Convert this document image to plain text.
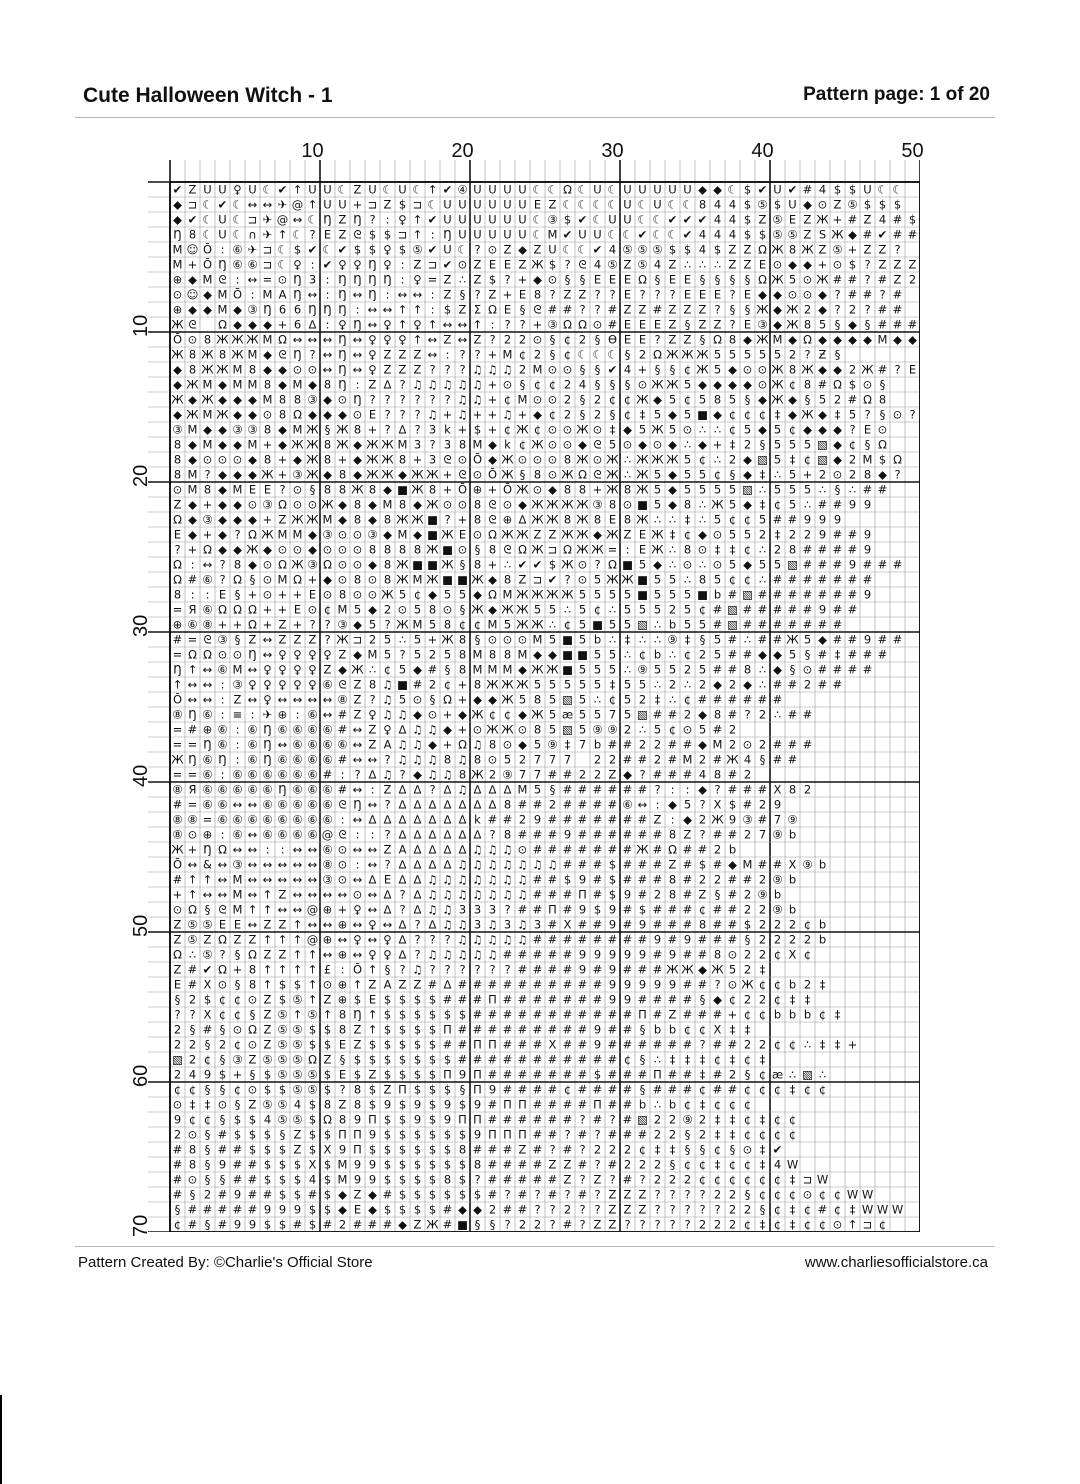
Cute Halloween Witch - 1	Pattern page: 1 of 20
10	20	30	40	50
10
20
30
40
50
60
70
✔ZUU♀U☾✔↑UU☾ZU☾U☾↑✔④UUUU☾☾Ω☾U☾UUUUU◆◆☾$✔U✔#4$$U☾☾
◆⊐☾✔☾↔↔✈@↑UU+⊐Z$⊐☾UUUUUUEZ☾☾☾☾U☾U☾☾844$⑤$U◆⊙Z⑤$$$
◆✔☾U☾⊐✈@↔☾ŊZŊ?:♀↑✔UUUUUU☾③$✔☾UU☾☾✔✔✔44$Z⑤EZЖ+#Z4#$
Ŋ8☾U☾∩✈↑☾?EZᘓ$$⊐↑:ŊUUUUU☾M✔UU☾☾✔☾☾✔444$$⑤⑤ZSЖ◆#✔##
M☺Ō:⑥✈⊐☾$✔☾✔$$♀$⑤✔U☾?⊙Z◆ZU☾☾✔4⑤⑤⑤$$4$ZZΩЖ8ЖZ⑤+ZZ?
M+ŌŊ⑥⑥⊐☾♀:✔♀♀Ŋ♀:Z⊐✔⊙ZEEZЖ$?ᘓ4⑤Z⑤4Z∴∴∴ZZE⊙◆◆+⊙$?ZZZ
⊕◆Mᘓ:↔=⊙Ŋ3:ŊŊŊŊ:♀=Z∴Z$?+◆⊙§§EEEΩ§EE§§§§ΩЖ5⊙Ж##?#Z2
⊙☺◆MŌ:MAŊ↔:Ŋ↔Ŋ:↔↔:Z§?Z+E8?ZZ??E???EEE?E◆◆⊙⊙◆?##?#
⊕◆◆M◆③Ŋ66ŊŊŊ:↔↔↑↑:$ZΣΩE§ᘓ##??#ZZ#ZZZ?§§Ж◆Ж2◆?2?##
Жᘓ Ω◆◆◆+6∆:♀Ŋ↔♀↑♀↑↔↔↑:??+③ΩΩ⊙#EEEZ§ZZ?E③◆Ж85§◆§###
Ō⊙8ЖЖЖMΩ↔↔↔Ŋ↔♀♀♀↑↔Z↔Z?22⊙§¢2§ӨEE?ZZ§Ω8◆ЖM◆Ω◆◆◆◆M◆◆
Ж8Ж8ЖM◆ᘓŊ?↔Ŋ↔♀ZZZ↔:??+M¢2§¢☾☾☾§2ΩЖЖЖ555552?Ƶ§
◆8ЖЖM8◆◆⊙⊙↔Ŋ↔♀ZZZ???♫♫♫2M⊙⊙§§✔4+§§¢Ж5◆⊙⊙Ж8Ж◆◆2Ж#?E
◆ЖM◆MM8◆M◆8Ŋ:Z∆?♫♫♫♫♫+⊙§¢¢24§§§⊙ЖЖ5◆◆◆◆⊙Ж¢8#Ω$⊙§
Ж◆Ж◆◆◆M88③◆⊙Ŋ??????♫♫+¢M⊙⊙2§2¢¢Ж◆5¢585§◆Ж◆§52#Ω8
◆ЖMЖ◆◆⊙8Ω◆◆◆⊙E???♫+♫++♫+◆¢2§2§¢‡5◆5■◆¢¢¢‡◆Ж◆‡5?§⊙?
③M◆◆③③8◆MЖ§Ж8+?∆?3k+$+¢Ж¢⊙⊙Ж⊙‡◆5Ж5⊙∴∴¢5◆5¢◆◆◆?E⊙
8◆M◆◆M+◆ЖЖ8Ж◆ЖЖM3?38M◆k¢Ж⊙⊙◆ᘓ5⊙◆⊙◆∴◆+‡2§555▧◆¢§Ω
8◆⊙⊙⊙◆8+◆Ж8+◆ЖЖ8+3ᘓ⊙Ō◆Ж⊙⊙⊙8Ж⊙Ж∴ЖЖЖ5¢∴2◆▧5‡¢▧◆2M$Ω
8M?◆◆◆Ж+③Ж◆8◆ЖЖ◆ЖЖ+ᘓ⊙ŌЖ§8⊙ЖΩᘓЖ∴Ж5◆55¢§◆‡∴5+2⊙28◆?
⊙M8◆MEE?⊙§88Ж8◆■Ж8+Ō⊕+ŌЖ⊙◆88+Ж8Ж5◆5555▧∴555∴§∴##
Z◆+◆◆⊙③Ω⊙⊙Ж◆8◆M8◆Ж⊙⊙8ᘓ⊙◆ЖЖЖЖ③8⊙■5◆8∴Ж5◆‡¢5∴##99
Ω◆③◆◆◆+ZЖЖM◆8◆8ЖЖ■?+8ᘓ⊕∆ЖЖ8Ж8E8Ж∴∴‡∴5¢¢5##999
E◆+◆?ΩЖMM◆③⊙⊙③◆M◆■ЖЕ⊙ΩЖЖZZЖЖ◆ЖZEЖ‡¢◆⊙552‡229##9
?+Ω◆◆Ж◆⊙⊙◆⊙⊙⊙8888Ж■⊙§8ᘓΩЖ⊐ΩЖЖ=:EЖ∴8⊙‡‡¢∴28####9
Ω:↔?8◆⊙ΩЖ③Ω⊙⊙◆8Ж■■Ж§8+∴✔✔$Ж⊙?Ω■5◆∴⊙∴⊙5◆55▧###9###
Ω#⑥?Ω§⊙MΩ+◆⊙8⊙8ЖMЖ■■Ж◆8Z⊐✔?⊙5ЖЖ■55∴85¢¢∴#######
8::E§+⊙++E⊙8⊙⊙Ж5¢◆55◆ΩMЖЖЖЖ5555■555■b#▧#######9
=Я⑥ΩΩΩ++E⊙¢M5◆2⊙58⊙§Ж◆ЖЖ55∴5¢∴55525¢#▧#####9##
⊕⑥⑧++Ω+Z+??③◆5?ЖM58¢¢M5ЖЖ∴¢5■55▧∴b55#▧#######
#=ᘓ③§Z↔ZZZ?Ж⊐25∴5+Ж8§⊙⊙⊙M5■5b∴‡∴∴⑨‡§5#∴##Ж5◆##9##
=ΩΩ⊙⊙Ŋ↔♀♀♀♀Z◆M5?5258M88M◆◆■■55∴¢b∴¢25##◆◆5§#‡###
Ŋ↑↔⑥M↔♀♀♀♀Z◆Ж∴¢5◆#§8MMM◆ЖЖ■555∴⑨5525##8∴◆§⊙####
↑↔↔:③♀♀♀♀♀⑥ᘓZ8♫■#2¢+8ЖЖЖ55555‡55∴2∴2◆2◆∴##2##
Ō↔↔:Z↔♀↔↔↔↔⑧Z?♫5⊙§Ω+◆◆Ж585▧5∴¢52‡∴¢######
⑧Ŋ⑥:≡:✈⊕:⑥↔#Z♀♫♫◆⊙+◆Ж¢¢◆Ж5æ5575▧##2◆8#?2∴##
=#⊕⑥:⑥Ŋ⑥⑥⑥⑥#↔Z♀∆♫♫◆+⊙ЖЖ⊙85▧5⑨⑨2∴5¢⊙5#2
==Ŋ⑥:⑥Ŋ↔⑥⑥⑥⑥↔ZA♫♫◆+Ω♫8⊙◆5⑨‡7b##22##◆M2⊙2###
ЖŊ⑥Ŋ:⑥Ŋ⑥⑥⑥⑥#↔↔?♫♫♫8♫8⊙52777 22##2#M2#Ж4§##
==⑥:⑥⑥⑥⑥⑥⑥#:?∆♫?◆♫♫8Ж2⑨77##22Z◆?###48#2
⑧Я⑥⑥⑥⑥⑥Ŋ⑥⑥⑥#↔:Z∆∆?∆♫∆∆∆M5§######?::◆?###X82
#=⑥⑥↔↔⑥⑥⑥⑥⑥ᘓŊ↔?∆∆∆∆∆∆∆8##2####⑥↔:◆5?X$#29
⑧⑧=⑥⑥⑥⑥⑥⑥⑥⑥:↔∆∆∆∆∆∆∆k##29#######Z:◆2Ж9③#7⑨
⑧⊙⊕:⑥↔⑥⑥⑥⑥@ᘓ::?∆∆∆∆∆∆?8###9######8Z?##27⑨b
Ж+ŊΩ↔↔::↔↔⑥⊙↔↔ZA∆∆∆∆♫♫♫⊙#######Ж#Ω##2b
Ō↔&↔③↔↔↔↔↔⑧⊙:↔?∆∆∆∆♫♫♫♫♫♫♫###$###Z#$#◆M##X⑨b
#↑↑↔M↔↔↔↔↔③⊙↔∆E∆∆♫♫♫♫♫♫♫##$9#$###8#22##2⑨b
+↑↔↔M↔↑Z↔↔↔↔⊙↔∆?∆♫♫♫♫♫♫♫###Π#$9#28#Z§#2⑨b
⊙Ω§ᘓM↑↑↔↔@⊕+♀↔∆?∆♫♫333?##Π#9$9#$###¢##22⑨b
Z⑤⑤EE↔ZZ↑↔↔⊕↔♀↔∆?∆♫♫3♫3♫3#X##9#9###8##$222¢b
Z⑤ZΩZZ↑↑↑@⊕↔♀↔♀∆???♫♫♫♫♫########9#9###§2222b
Ω∴⑤?§ΩZZ↑↑↔⊕↔♀♀∆?♫♫♫♫♫#####99999#9##8⊙22¢X¢
Z#✔Ω+8↑↑↑↑£:Ō↑§?♫??????####9#9###ЖЖ◆Ж52‡
E#X⊙§8↑$$↑⊙⊕↑ZAZZ#∆##########99999##?⊙Ж¢¢b2‡
§2$¢¢⊙Z$⑤↑Z⊕$E$$$$###Π#######99####§◆¢22¢‡‡
??X¢¢§Z⑤↑⑤↑8Ŋ↑$$$$$$###########Π#Z###+¢¢bbb¢‡
2§#§⊙ΩZ⑤⑤$$8Z↑$$$$Π#########9##§bb¢¢X‡‡
22§2¢⊙Z⑤⑤$$EZ$$$$$##ΠΠ###X##9######?##22¢¢∴‡‡+
▧2¢§③Z⑤⑤⑤ΩZ§$$$$$$$###########¢§∴‡‡‡¢‡¢‡
249$+§$⑤⑤⑤$E$Z$$$$Π9Π#######$###Π##‡#2§¢æ∴▧∴
¢¢§§¢⊙$$⑤⑤$?8$ZΠ$$$§Π9####¢####§###¢##¢¢¢‡¢¢
⊙‡‡⊙§Z⑤⑤4$8Z8$9$9$9$9#ΠΠ####Π##b∴b¢‡¢¢¢
9¢¢§$$4⑤⑤$Ω89Π$$9$9ΠΠ######?#?#▧22⑨2‡‡¢‡¢¢
2⊙§#$$$§Z$$ΠΠ9$$$$$$9ΠΠΠ##?#?###22§2‡‡¢¢¢¢
#8§##$$$Z$X9Π$$$$$$8###Z#?#?222¢‡‡§§¢§⊙‡✔
#8§9##$$$X$M99$$$$$$8####ZZ#?#222§¢¢‡¢¢‡4W
#⊙§§##$$$4$M99$$$$8$?#####Z?Z?#?222¢¢¢¢¢¢‡⊐W
#§2#9##$$#$◆Z◆#$$$$$$#?#?#?#?ZZZ????22§¢¢¢⊙¢¢WW
§#####999$$◆E◆$$$$#◆◆2##??2??ZZZ?????22§¢‡¢#¢‡WWW
¢#§#99$$#$#2###◆ZЖ#■§§?22?#?ZZ?????222¢‡¢‡¢¢⊙↑⊐¢
Pattern Created By: ©Charlie's Official Store	www.charliesofficialstore.ca
